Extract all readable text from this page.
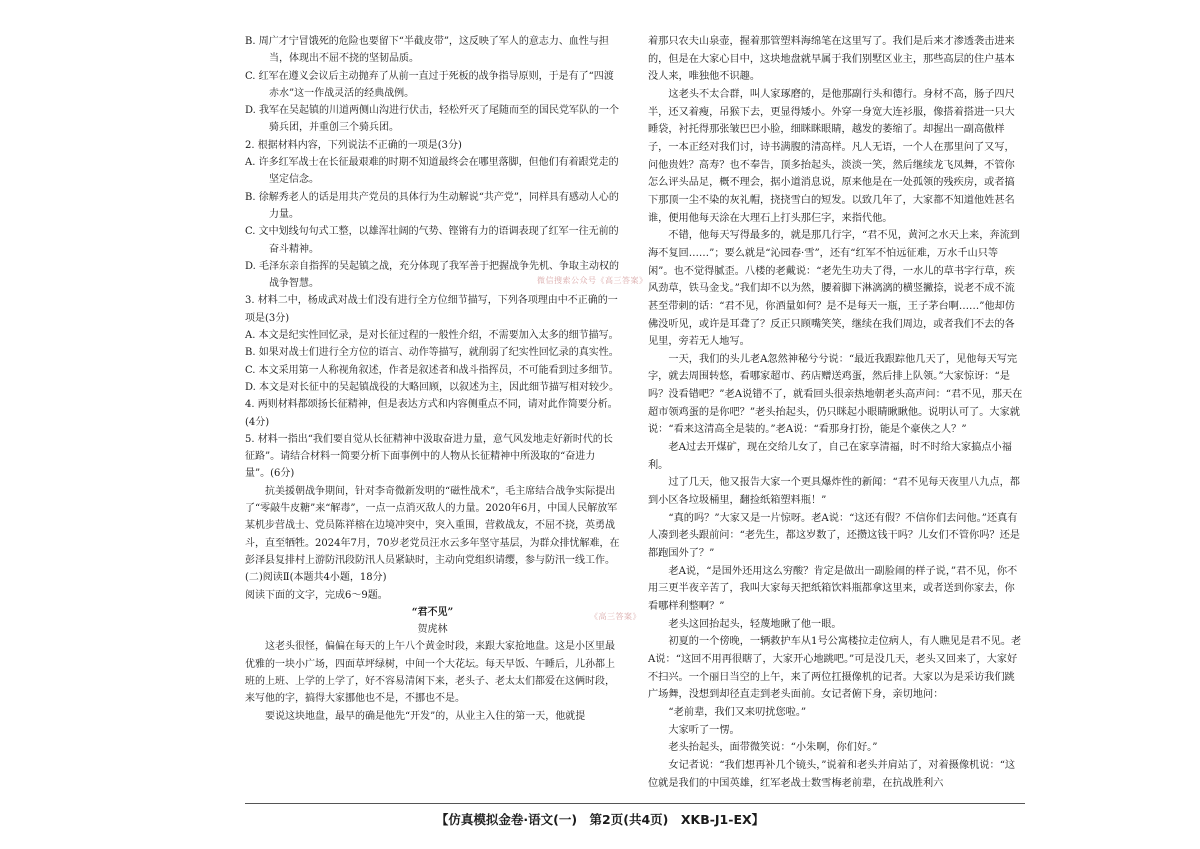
B. 周广才宁冒饿死的危险也要留下“半截皮带”，这反映了军人的意志力、血性与担当，体现出不屈不挠的坚韧品质。

C. 红军在遵义会议后主动抛弃了从前一直过于死板的战争指导原则，于是有了“四渡赤水”这一作战灵活的经典战例。

D. 我军在吴起镇的川道两侧山沟进行伏击，轻松歼灭了尾随而至的国民党军队的一个骑兵团，并重创三个骑兵团。

2. 根据材料内容，下列说法不正确的一项是(3分)

A. 许多红军战士在长征最艰难的时期不知道最终会在哪里落脚，但他们有着跟党走的坚定信念。

B. 徐解秀老人的话是用共产党员的具体行为生动解说“共产党”，同样具有感动人心的力量。

C. 文中划线句句式工整，以雄浑壮阔的气势、铿锵有力的语调表现了红军一往无前的奋斗精神。

D. 毛泽东亲自指挥的吴起镇之战，充分体现了我军善于把握战争先机、争取主动权的战争智慧。

3. 材料二中，杨成武对战士们没有进行全方位细节描写，下列各项理由中不正确的一项是(3分)

A. 本文是纪实性回忆录，是对长征过程的一般性介绍，不需要加入太多的细节描写。

B. 如果对战士们进行全方位的语言、动作等描写，就削弱了纪实性回忆录的真实性。

C. 本文采用第一人称视角叙述，作者是叙述者和战斗指挥员，不可能看到过多细节。

D. 本文是对长征中的吴起镇战役的大略回顾，以叙述为主，因此细节描写相对较少。

4. 两则材料都颂扬长征精神，但是表达方式和内容侧重点不同，请对此作简要分析。(4分)

5. 材料一指出“我们要自觉从长征精神中汲取奋进力量，意气风发地走好新时代的长征路”。请结合材料一简要分析下面事例中的人物从长征精神中所汲取的“奋进力量”。(6分)

抗美援朝战争期间，针对李奇微新发明的“磁性战术”，毛主席结合战争实际提出了“零敲牛皮糖”来“解毒”，一点一点消灭敌人的力量。2020年6月，中国人民解放军某机步营战士、党员陈祥榕在边境冲突中，突入重围，营救战友，不屈不挠，英勇战斗，直至牺牲。2024年7月，70岁老党员汪水云多年坚守基层，为群众排忧解难，在彭泽县复排村上游防汛段防汛人员紧缺时，主动向党组织请缨，参与防汛一线工作。

(二)阅读Ⅱ(本题共4小题，18分)

阅读下面的文字，完成6～9题。

“君不见”

贺虎林

这老头很怪，偏偏在每天的上午八个黄金时段，来跟大家抢地盘。这是小区里最优雅的一块小广场，四面草坪绿树，中间一个大花坛。每天早饭、午睡后，儿孙都上班的上班、上学的上学了，好不容易清闲下来，老头子、老太太们都爱在这俩时段，来写他的字，搞得大家挪他也不是，不挪也不是。

要说这块地盘，最早的确是他先“开发”的，从业主入住的第一天，他就提

着那只农夫山泉壶，握着那管塑料海绵笔在这里写了。我们是后来才渗透袭击进来的，但是在大家心目中，这块地盘就早属于我们别墅区业主，那些高层的住户基本没人来，唯独他不识趣。

这老头不太合群，叫人家琢磨的，是他那副行头和德行。身材不高，肠子四尺半，还又着瘦，吊猴下去，更显得矮小。外穿一身宽大连衫服，像搭着搭进一只大睡袋，衬托得那张皱巴巴小脸，细眯眯眼睛，越发的萎缩了。却握出一副高傲样子，一本正经对我们讨，诗书满腹的清高样。凡人无语，一个人在那里问了又写，问他贵姓？高寿？也不奉告，顶多抬起头，淡淡一笑，然后继续龙飞凤舞，不管你怎么评头品足，概不理会，据小道消息说，原来他是在一处孤领的残疾房，或者搞下那顶一尘不染的灰礼帽，挠挠雪白的短发。以致几年了，大家都不知道他姓甚名谁，便用他每天涂在大理石上打头那仨字，来指代他。

不错，他每天写得最多的，就是那几行字，“君不见，黄河之水天上来，奔流到海不复回……”；要么就是“沁园春·雪”，还有“红军不怕远征难，万水千山只等闲”。也不觉得腻歪。八楼的老戴说：“老先生功夫了得，一水儿的草书字行草，疾风劲草，铁马金戈。”我们却不以为然，腰着脚下淋漓漓的横竖撇捺，说老不成不流甚至带刺的话：“君不见，你酒量如何？是不是每天一瓶，王子茅台啊……”他却仿佛没听见，或许是耳聋了？反正只顾嘴笑笑，继续在我们周边，或者我们不去的各见里，旁若无人地写。

一天，我们的头儿老A忽然神秘兮兮说：“最近我跟踪他几天了，见他每天写完字，就去周围转悠，看哪家超市、药店赠送鸡蛋，然后排上队领。”大家惊讶：“是吗？没看错吧？”老A说错不了，就看回头很亲热地朝老头高声问：“君不见，那天在超市领鸡蛋的是你吧？”老头抬起头，仍只眯起小眼睛瞅瞅他。说明认可了。大家就说：“看来这清高全是装的。”老A说：“看那身打扮，能是个豪侠之人？”

老A过去开煤矿，现在交给儿女了，自己在家享清福，时不时给大家搞点小福利。

过了几天，他又报告大家一个更具爆炸性的新闻：“君不见每天夜里八九点，都到小区各垃圾桶里，翻捡纸箱塑料瓶！”

“真的吗？”大家又是一片惊呀。老A说：“这还有假？不信你们去问他。”还真有人凑到老头跟前问：“老先生，都这岁数了，还攒这钱干吗？儿女们不管你吗？还是都跑国外了？”

老A说，“是国外还用这么穷酸？肯定是做出一副脸闹的样子说，”君不见，你不用三更半夜辛苦了，我叫大家每天把纸箱饮料瓶都拿这里来，或者送到你家去，你看哪样利整啊？”

老头这回抬起头，轻蔑地瞅了他一眼。

初夏的一个傍晚，一辆救护车从1号公寓楼拉走位病人，有人瞧见是君不见。老A说：“这回不用再很瞎了，大家开心地跳吧。”可是没几天，老头又回来了，大家好不扫兴。一个丽日当空的上午，来了两位扛摄像机的记者。大家以为是采访我们跳广场舞，没想到却径直走到老头面前。女记者俯下身，亲切地问：

“老前辈，我们又来叨扰您啦。”

大家听了一愣。

老头抬起头，面带微笑说：“小朱啊，你们好。”

女记者说：“我们想再补几个镜头，”说着和老头并肩站了，对着摄像机说：“这位就是我们的中国英雄，红军老战士数雪梅老前辈，在抗战胜利六

微信搜索公众号《高三答案》
《高三答案》
【仿真模拟金卷·语文(一)　第2页(共4页)　XKB-J1-EX】
